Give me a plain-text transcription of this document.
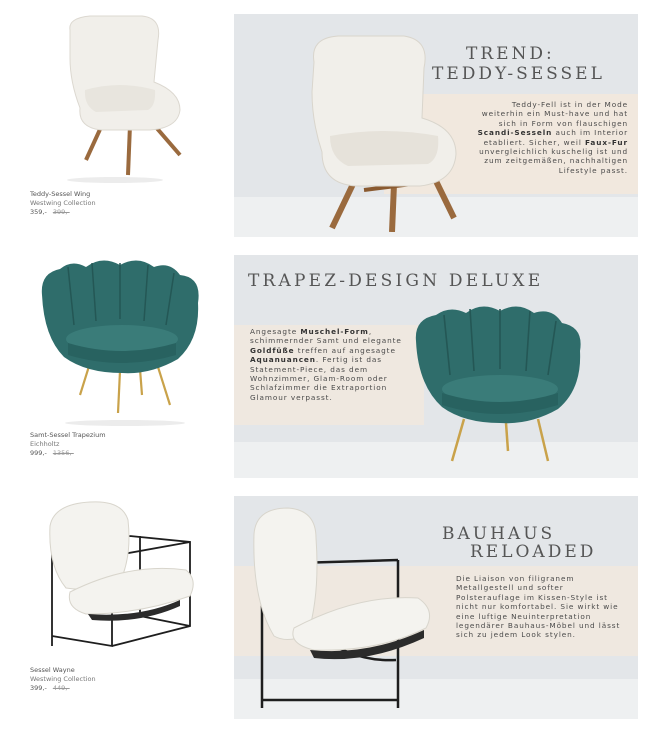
Teddy-Sessel Wing
Westwing Collection
359,- 399,-
TREND:
TEDDY-SESSEL
Teddy-Fell ist in der Mode weiterhin ein Must-have und hat sich in Form von flauschigen Scandi-Sesseln auch im Interior etabliert. Sicher, weil Faux-Fur unvergleichlich kuschelig ist und zum zeitgemäßen, nachhaltigen Lifestyle passt.
Samt-Sessel Trapezium
Eichholtz
999,- 1356,-
TRAPEZ-DESIGN DELUXE
Angesagte Muschel-Form, schimmernder Samt und elegante Goldfüße treffen auf angesagte Aquanuancen. Fertig ist das Statement-Piece, das dem Wohnzimmer, Glam-Room oder Schlafzimmer die Extraportion Glamour verpasst.
Sessel Wayne
Westwing Collection
399,- 449,-
BAUHAUS
RELOADED
Die Liaison von filigranem Metallgestell und softer Polsterauflage im Kissen-Style ist nicht nur komfortabel. Sie wirkt wie eine luftige Neuinterpretation legendärer Bauhaus-Möbel und lässt sich zu jedem Look stylen.
